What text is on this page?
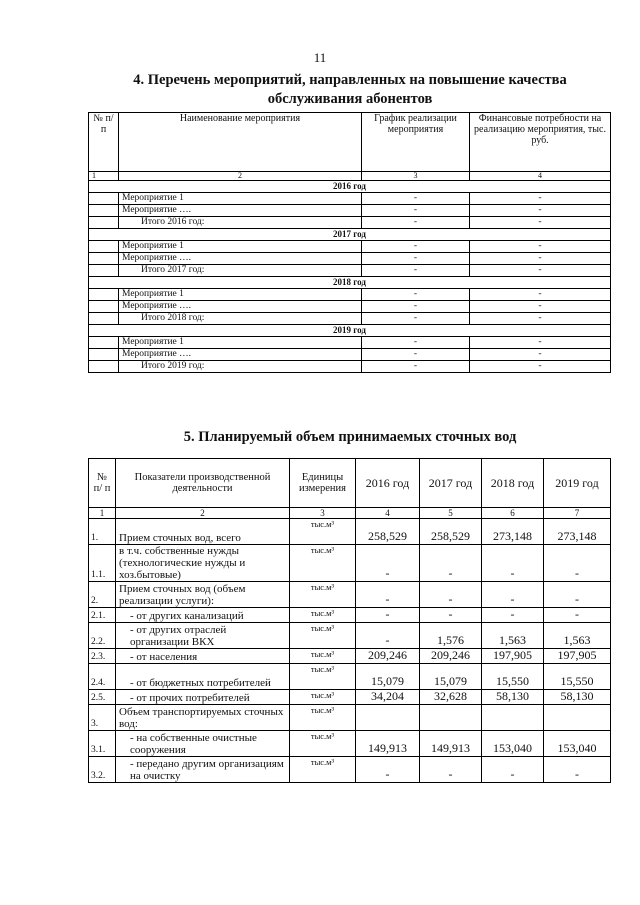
11
4. Перечень мероприятий, направленных на повышение качества
обслуживания абонентов
№ п/п	Наименование мероприятия	График реализации мероприятия	Финансовые потребности на реализацию мероприятия, тыс. руб.
1	2	3	4
2016 год			
	Мероприятие 1	-	-
	Мероприятие ….	-	-
	Итого 2016 год:	-	-
2017 год			
	Мероприятие 1	-	-
	Мероприятие ….	-	-
	Итого 2017 год:	-	-
2018 год			
	Мероприятие 1	-	-
	Мероприятие ….	-	-
	Итого 2018 год:	-	-
2019 год			
	Мероприятие 1	-	-
	Мероприятие ….	-	-
	Итого 2019 год:	-	-
5. Планируемый объем принимаемых сточных вод
№ п/ п	Показатели производственной деятельности	Единицы измерения	2016 год	2017 год	2018 год	2019 год
1	2	3	4	5	6	7
1.	Прием сточных вод, всего	тыс.м³	258,529	258,529	273,148	273,148
1.1.	в т.ч. собственные нужды (технологические нужды и хоз.бытовые)	тыс.м³	-	-	-	-
2.	Прием сточных вод (объем реализации услуги):	тыс.м³	-	-	-	-
2.1.	- от других канализаций	тыс.м³	-	-	-	-
2.2.	- от других отраслей организации ВКХ	тыс.м³	-	1,576	1,563	1,563
2.3.	- от населения	тыс.м³	209,246	209,246	197,905	197,905
2.4.	- от бюджетных потребителей	тыс.м³	15,079	15,079	15,550	15,550
2.5.	- от прочих потребителей	тыс.м³	34,204	32,628	58,130	58,130
3.	Объем транспортируемых сточных вод:	тыс.м³				
3.1.	- на собственные очистные сооружения	тыс.м³	149,913	149,913	153,040	153,040
3.2.	- передано другим организациям на очистку	тыс.м³	-	-	-	-
